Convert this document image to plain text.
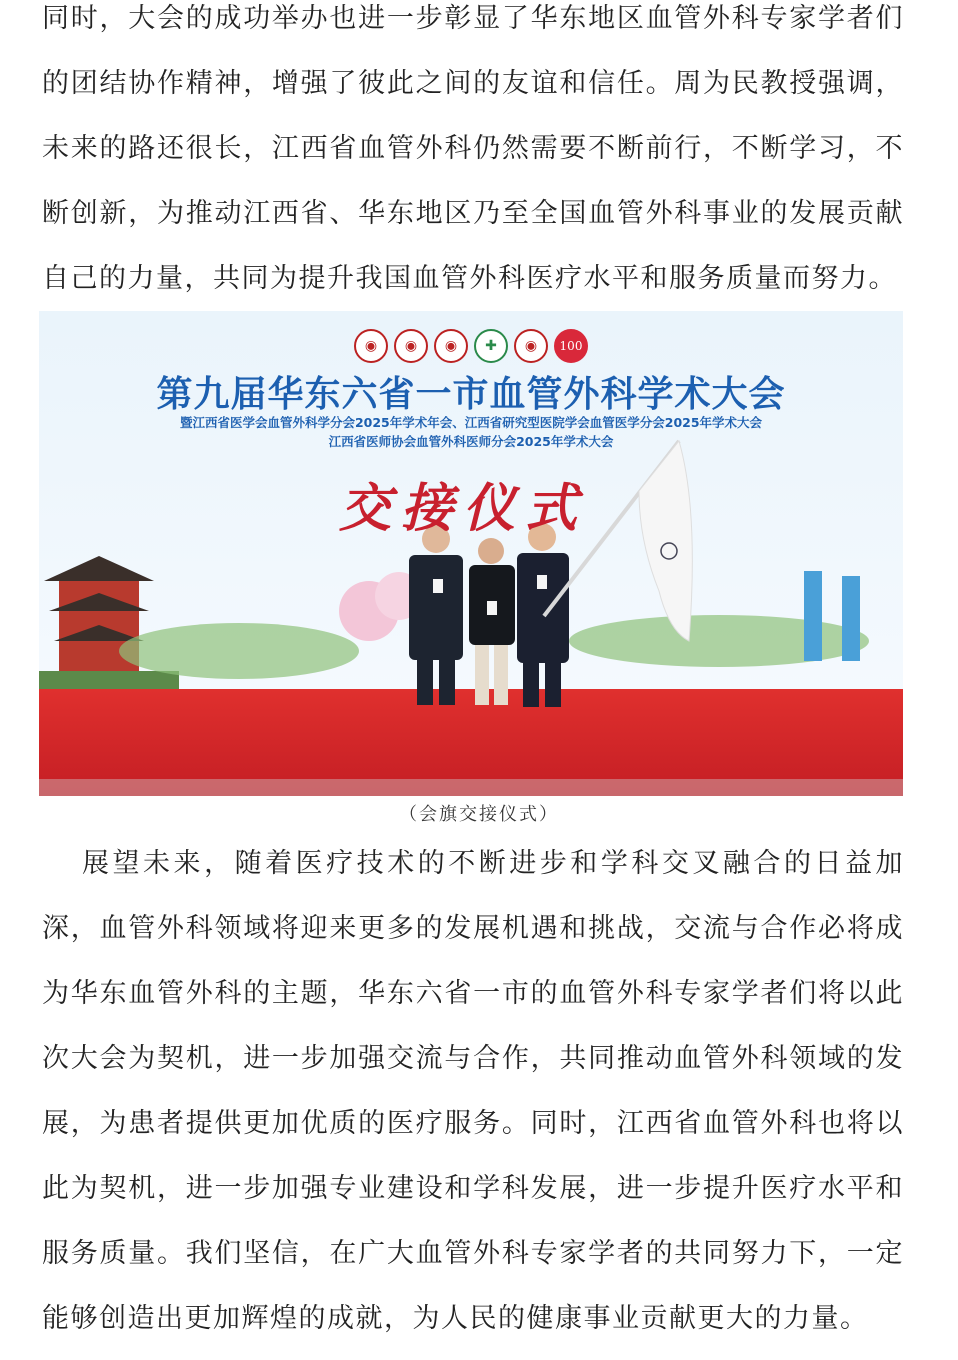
同时，大会的成功举办也进一步彰显了华东地区血管外科专家学者们的团结协作精神，增强了彼此之间的友谊和信任。周为民教授强调，未来的路还很长，江西省血管外科仍然需要不断前行，不断学习，不断创新，为推动江西省、华东地区乃至全国血管外科事业的发展贡献自己的力量，共同为提升我国血管外科医疗水平和服务质量而努力。

◉	◉	◉	✚	◉	100
第九届华东六省一市血管外科学术大会
暨江西省医学会血管外科学分会2025年学术年会、江西省研究型医院学会血管医学分会2025年学术大会
江西省医师协会血管外科医师分会2025年学术大会
交接仪式
（会旗交接仪式）

展望未来，随着医疗技术的不断进步和学科交叉融合的日益加深，血管外科领域将迎来更多的发展机遇和挑战，交流与合作必将成为华东血管外科的主题，华东六省一市的血管外科专家学者们将以此次大会为契机，进一步加强交流与合作，共同推动血管外科领域的发展，为患者提供更加优质的医疗服务。同时，江西省血管外科也将以此为契机，进一步加强专业建设和学科发展，进一步提升医疗水平和服务质量。我们坚信，在广大血管外科专家学者的共同努力下，一定能够创造出更加辉煌的成就，为人民的健康事业贡献更大的力量。
